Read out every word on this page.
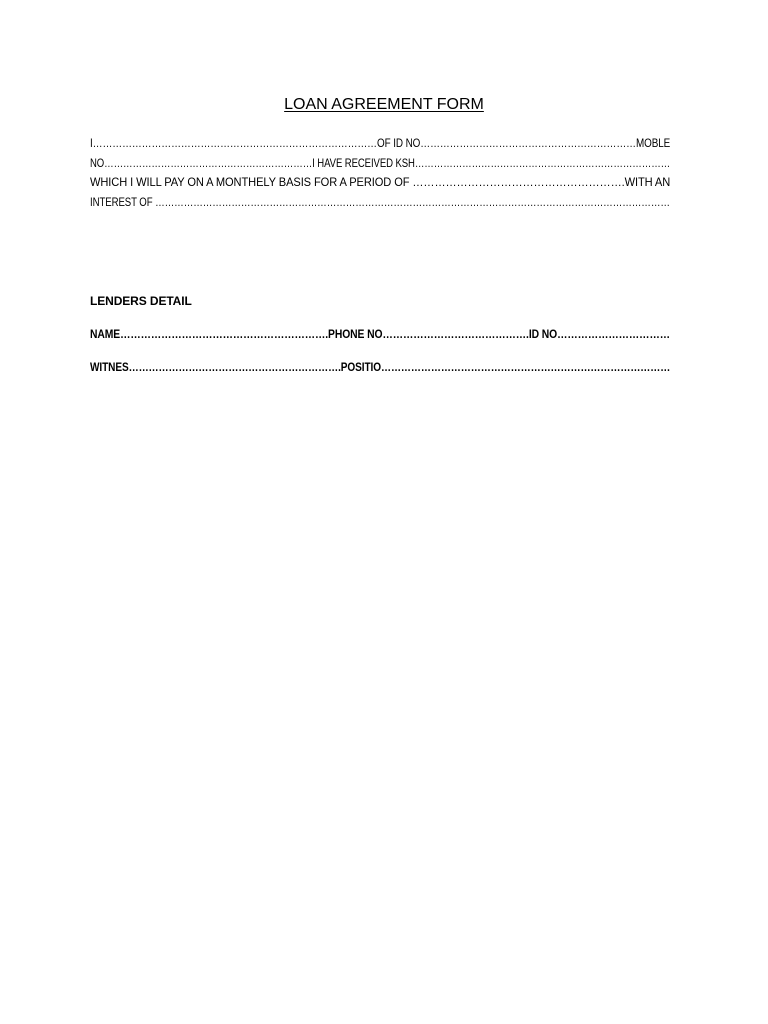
LOAN AGREEMENT FORM
I……………………………………………………………………………OF ID NO…………………………………………………………MOBLE
NO…………………………………………………………I HAVE RECEIVED KSH………………………………………………………………………
WHICH I WILL PAY ON A MONTHELY BASIS FOR A PERIOD OF ………………………………………………….WITH AN
INTEREST OF ………………………………………………………………………………………………………………………………………………
LENDERS DETAIL
NAME…………………………………………………….PHONE NO…………………………………….ID NO……………………………
WITNES……………………………………………………….POSITIO……………………………………………………………………………
